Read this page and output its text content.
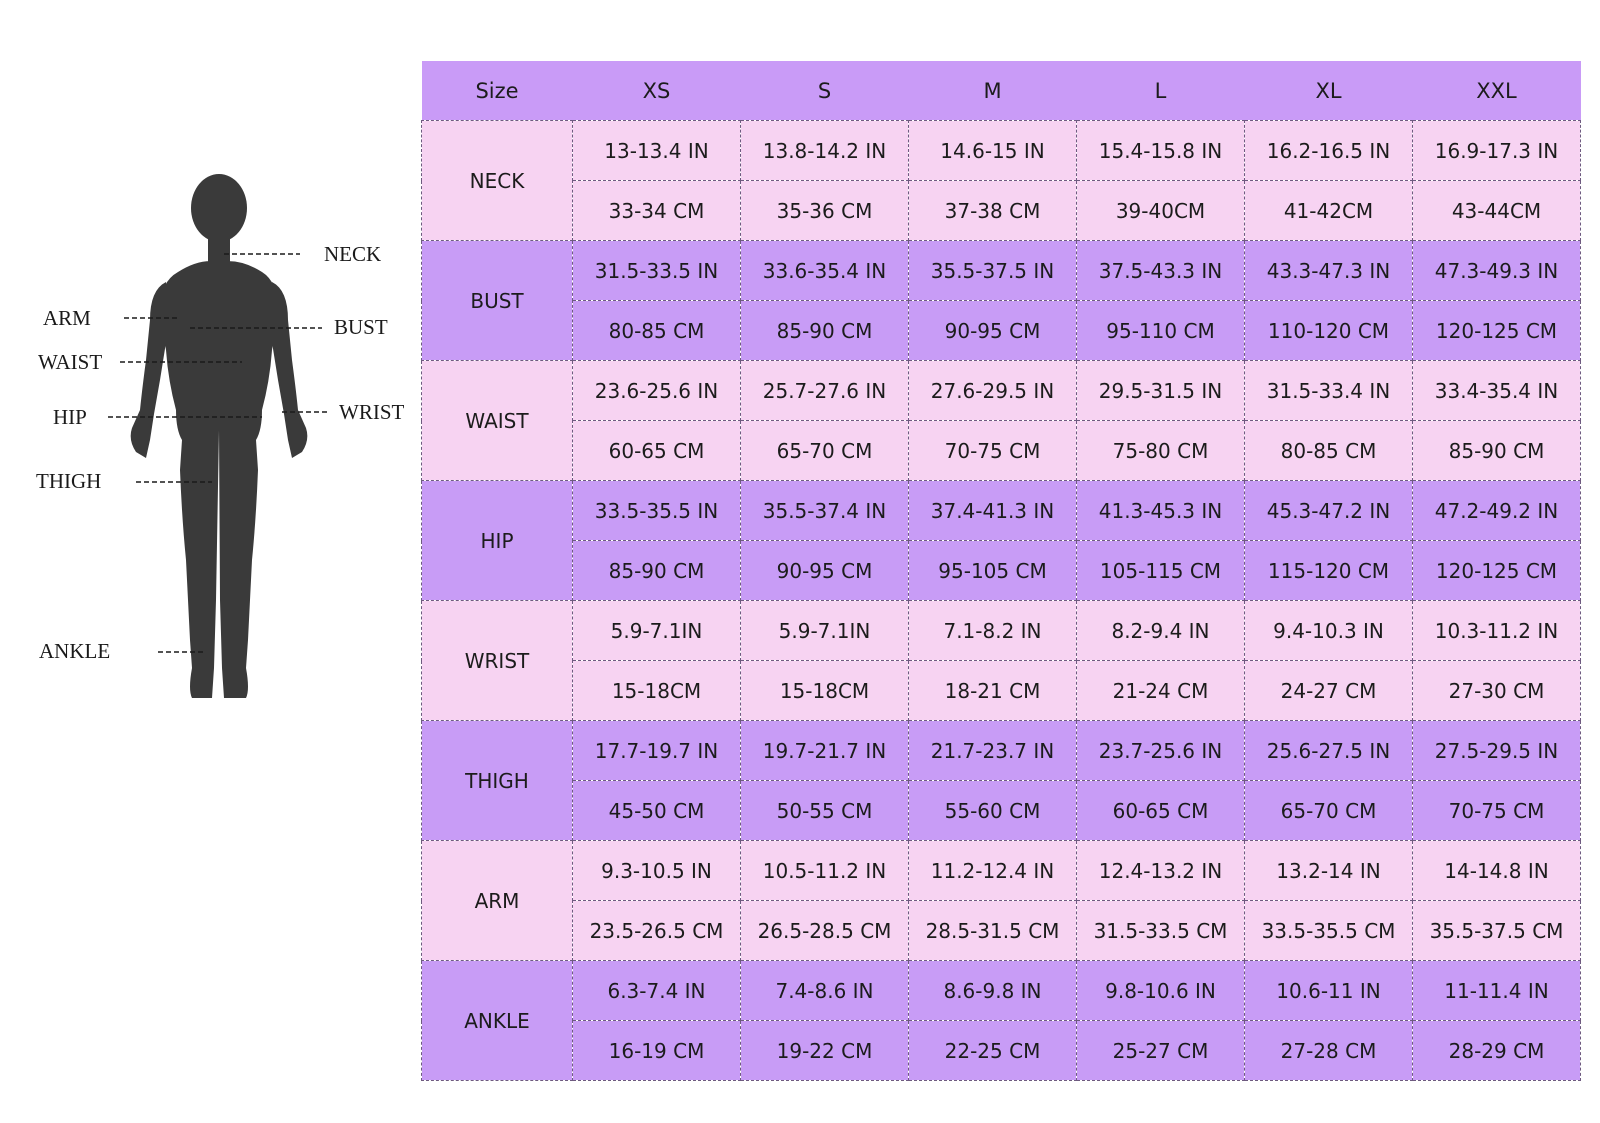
NECK
ARM	BUST
WAIST
HIP	WRIST
THIGH
ANKLE
Size	XS	S	M	L	XL	XXL
NECK	13-13.4 IN	13.8-14.2 IN	14.6-15 IN	15.4-15.8 IN	16.2-16.5 IN	16.9-17.3 IN
	33-34 CM	35-36 CM	37-38 CM	39-40CM	41-42CM	43-44CM
BUST	31.5-33.5 IN	33.6-35.4 IN	35.5-37.5 IN	37.5-43.3 IN	43.3-47.3 IN	47.3-49.3 IN
	80-85 CM	85-90 CM	90-95 CM	95-110 CM	110-120 CM	120-125 CM
WAIST	23.6-25.6 IN	25.7-27.6 IN	27.6-29.5 IN	29.5-31.5 IN	31.5-33.4 IN	33.4-35.4 IN
	60-65 CM	65-70 CM	70-75 CM	75-80 CM	80-85 CM	85-90 CM
HIP	33.5-35.5 IN	35.5-37.4 IN	37.4-41.3 IN	41.3-45.3 IN	45.3-47.2 IN	47.2-49.2 IN
	85-90 CM	90-95 CM	95-105 CM	105-115 CM	115-120 CM	120-125 CM
WRIST	5.9-7.1IN	5.9-7.1IN	7.1-8.2 IN	8.2-9.4 IN	9.4-10.3 IN	10.3-11.2 IN
	15-18CM	15-18CM	18-21 CM	21-24 CM	24-27 CM	27-30 CM
THIGH	17.7-19.7 IN	19.7-21.7 IN	21.7-23.7 IN	23.7-25.6 IN	25.6-27.5 IN	27.5-29.5 IN
	45-50 CM	50-55 CM	55-60 CM	60-65 CM	65-70 CM	70-75 CM
ARM	9.3-10.5 IN	10.5-11.2 IN	11.2-12.4 IN	12.4-13.2 IN	13.2-14 IN	14-14.8 IN
	23.5-26.5 CM	26.5-28.5 CM	28.5-31.5 CM	31.5-33.5 CM	33.5-35.5 CM	35.5-37.5 CM
ANKLE	6.3-7.4 IN	7.4-8.6 IN	8.6-9.8 IN	9.8-10.6 IN	10.6-11 IN	11-11.4 IN
	16-19 CM	19-22 CM	22-25 CM	25-27 CM	27-28 CM	28-29 CM
